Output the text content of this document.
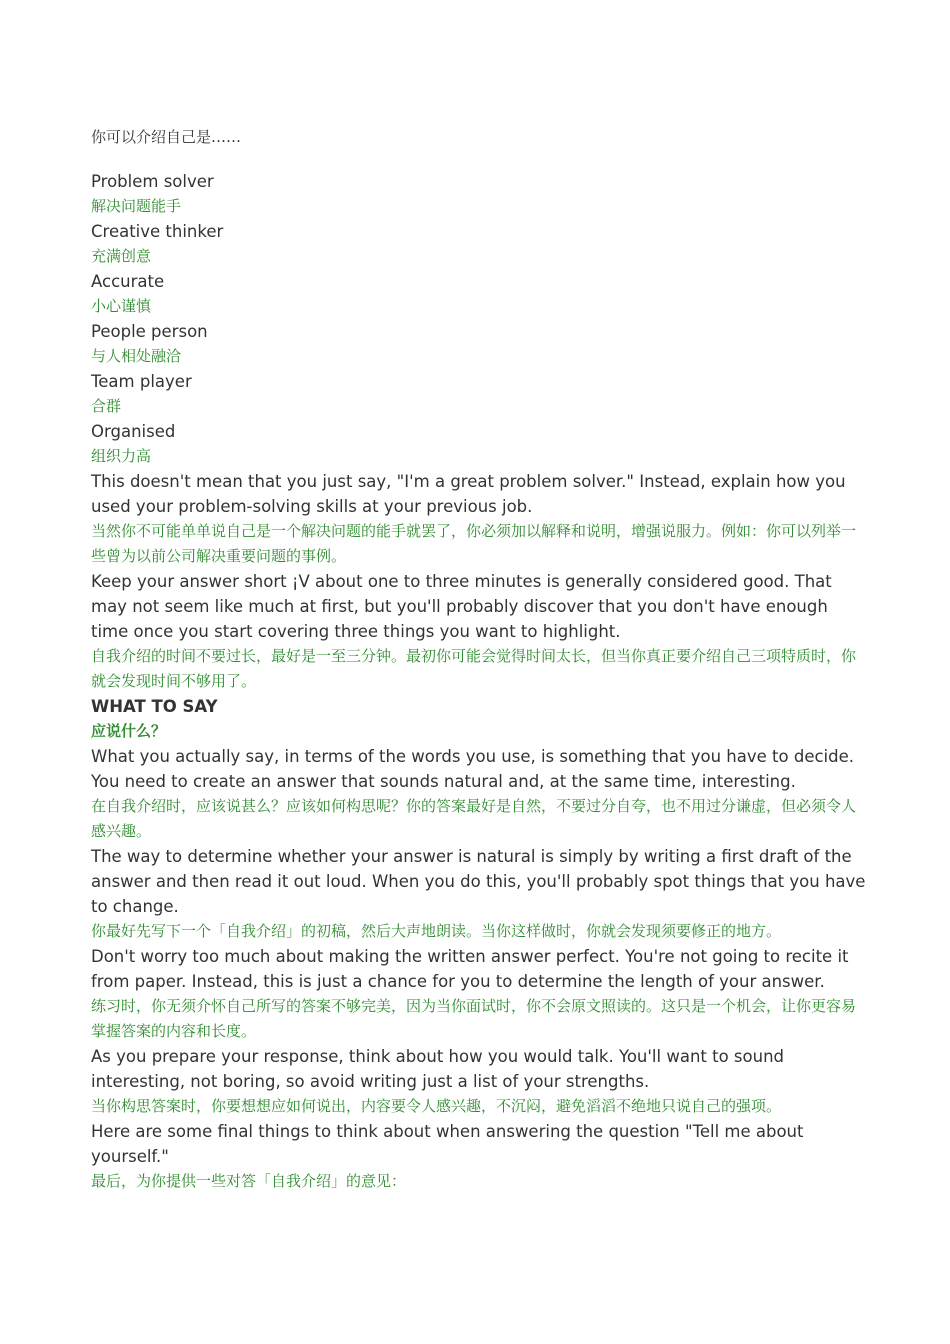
你可以介绍自己是……

Problem solver

解决问题能手

Creative thinker

充满创意

Accurate

小心谨慎

People person

与人相处融洽

Team player

合群

Organised

组织力高

This doesn't mean that you just say, "I'm a great problem solver." Instead, explain how you used your problem-solving skills at your previous job.

当然你不可能单单说自己是一个解决问题的能手就罢了，你必须加以解释和说明，增强说服力。例如：你可以列举一些曾为以前公司解决重要问题的事例。

Keep your answer short ¡V about one to three minutes is generally considered good. That may not seem like much at first, but you'll probably discover that you don't have enough time once you start covering three things you want to highlight.

自我介绍的时间不要过长，最好是一至三分钟。最初你可能会觉得时间太长，但当你真正要介绍自己三项特质时，你就会发现时间不够用了。

WHAT TO SAY

应说什么？

What you actually say, in terms of the words you use, is something that you have to decide. You need to create an answer that sounds natural and, at the same time, interesting.

在自我介绍时，应该说甚么？应该如何构思呢？你的答案最好是自然，不要过分自夸，也不用过分谦虚，但必须令人感兴趣。

The way to determine whether your answer is natural is simply by writing a first draft of the answer and then read it out loud. When you do this, you'll probably spot things that you have to change.

你最好先写下一个「自我介绍」的初稿，然后大声地朗读。当你这样做时，你就会发现须要修正的地方。

Don't worry too much about making the written answer perfect. You're not going to recite it from paper. Instead, this is just a chance for you to determine the length of your answer.

练习时，你无须介怀自己所写的答案不够完美，因为当你面试时，你不会原文照读的。这只是一个机会，让你更容易掌握答案的内容和长度。

As you prepare your response, think about how you would talk. You'll want to sound interesting, not boring, so avoid writing just a list of your strengths.

当你构思答案时，你要想想应如何说出，内容要令人感兴趣，不沉闷，避免滔滔不绝地只说自己的强项。

Here are some final things to think about when answering the question "Tell me about yourself."

最后，为你提供一些对答「自我介绍」的意见：
